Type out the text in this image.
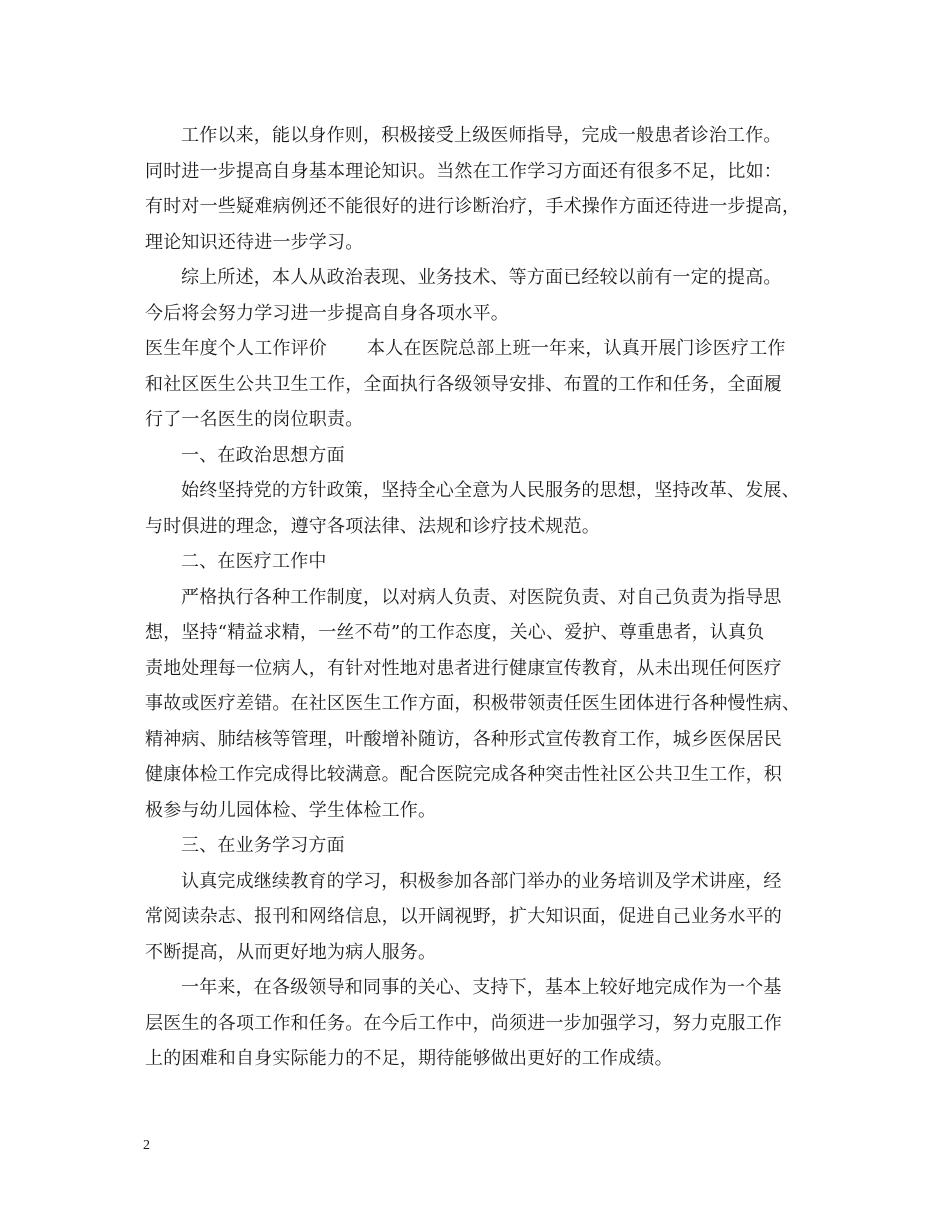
工作以来，能以身作则，积极接受上级医师指导，完成一般患者诊治工作。
同时进一步提高自身基本理论知识。当然在工作学习方面还有很多不足，比如：
有时对一些疑难病例还不能很好的进行诊断治疗，手术操作方面还待进一步提高，
理论知识还待进一步学习。
综上所述，本人从政治表现、业务技术、等方面已经较以前有一定的提高。
今后将会努力学习进一步提高自身各项水平。
医生年度个人工作评价 本人在医院总部上班一年来，认真开展门诊医疗工作
和社区医生公共卫生工作，全面执行各级领导安排、布置的工作和任务，全面履
行了一名医生的岗位职责。
一、在政治思想方面
始终坚持党的方针政策，坚持全心全意为人民服务的思想，坚持改革、发展、
与时俱进的理念，遵守各项法律、法规和诊疗技术规范。
二、在医疗工作中
严格执行各种工作制度，以对病人负责、对医院负责、对自己负责为指导思
想，坚持“精益求精，一丝不苟”的工作态度，关心、爱护、尊重患者，认真负
责地处理每一位病人，有针对性地对患者进行健康宣传教育，从未出现任何医疗
事故或医疗差错。在社区医生工作方面，积极带领责任医生团体进行各种慢性病、
精神病、肺结核等管理，叶酸增补随访，各种形式宣传教育工作，城乡医保居民
健康体检工作完成得比较满意。配合医院完成各种突击性社区公共卫生工作，积
极参与幼儿园体检、学生体检工作。
三、在业务学习方面
认真完成继续教育的学习，积极参加各部门举办的业务培训及学术讲座，经
常阅读杂志、报刊和网络信息，以开阔视野，扩大知识面，促进自己业务水平的
不断提高，从而更好地为病人服务。
一年来，在各级领导和同事的关心、支持下，基本上较好地完成作为一个基
层医生的各项工作和任务。在今后工作中，尚须进一步加强学习，努力克服工作
上的困难和自身实际能力的不足，期待能够做出更好的工作成绩。
2
